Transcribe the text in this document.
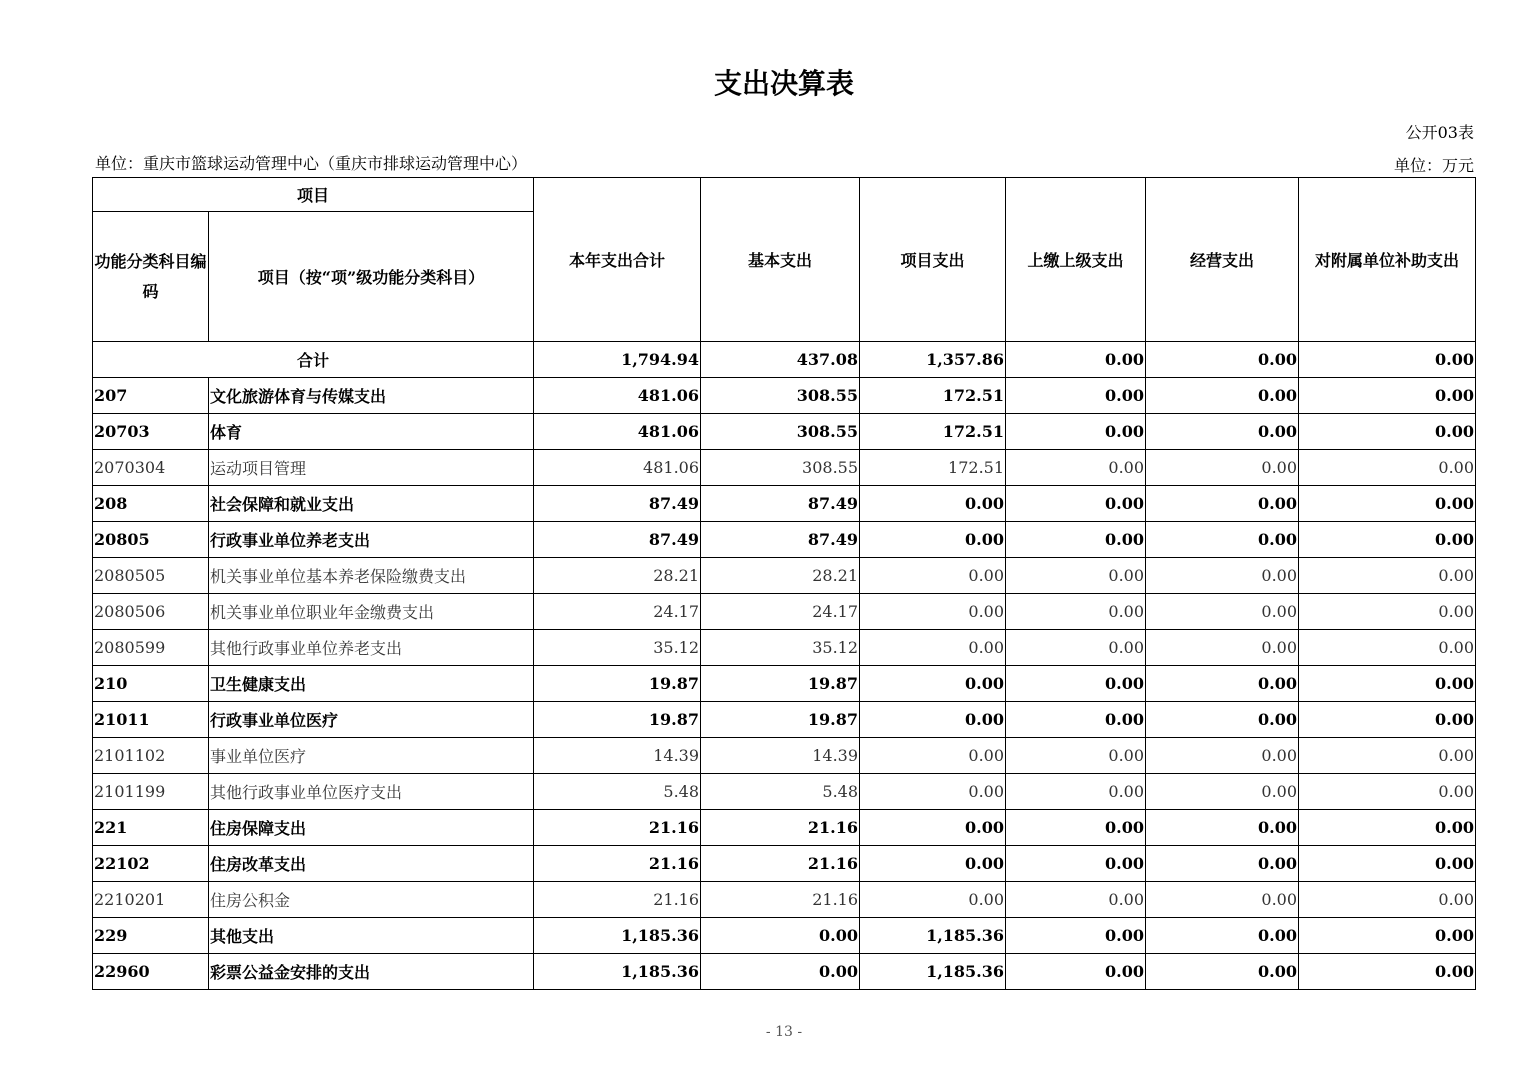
支出决算表
公开03表
单位：重庆市篮球运动管理中心（重庆市排球运动管理中心）	单位：万元
项目		本年支出合计	基本支出	项目支出	上缴上级支出	经营支出	对附属单位补助支出
功能分类科目编码	项目（按“项”级功能分类科目）						
合计		1,794.94	437.08	1,357.86	0.00	0.00	0.00
207	文化旅游体育与传媒支出	481.06	308.55	172.51	0.00	0.00	0.00
20703	体育	481.06	308.55	172.51	0.00	0.00	0.00
2070304	运动项目管理	481.06	308.55	172.51	0.00	0.00	0.00
208	社会保障和就业支出	87.49	87.49	0.00	0.00	0.00	0.00
20805	行政事业单位养老支出	87.49	87.49	0.00	0.00	0.00	0.00
2080505	机关事业单位基本养老保险缴费支出	28.21	28.21	0.00	0.00	0.00	0.00
2080506	机关事业单位职业年金缴费支出	24.17	24.17	0.00	0.00	0.00	0.00
2080599	其他行政事业单位养老支出	35.12	35.12	0.00	0.00	0.00	0.00
210	卫生健康支出	19.87	19.87	0.00	0.00	0.00	0.00
21011	行政事业单位医疗	19.87	19.87	0.00	0.00	0.00	0.00
2101102	事业单位医疗	14.39	14.39	0.00	0.00	0.00	0.00
2101199	其他行政事业单位医疗支出	5.48	5.48	0.00	0.00	0.00	0.00
221	住房保障支出	21.16	21.16	0.00	0.00	0.00	0.00
22102	住房改革支出	21.16	21.16	0.00	0.00	0.00	0.00
2210201	住房公积金	21.16	21.16	0.00	0.00	0.00	0.00
229	其他支出	1,185.36	0.00	1,185.36	0.00	0.00	0.00
22960	彩票公益金安排的支出	1,185.36	0.00	1,185.36	0.00	0.00	0.00
- 13 -
